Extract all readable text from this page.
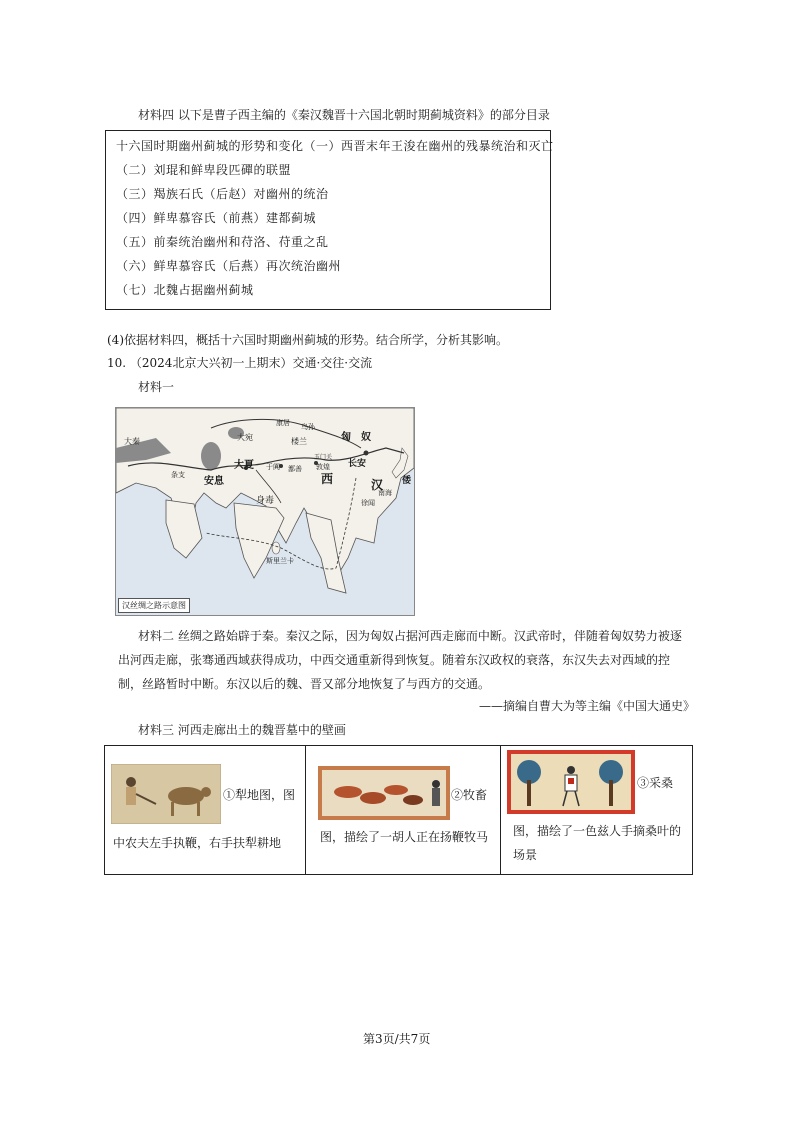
材料四 以下是曹子西主编的《秦汉魏晋十六国北朝时期蓟城资料》的部分目录
十六国时期幽州蓟城的形势和变化（一）西晋末年王浚在幽州的残暴统治和灭亡
（二）刘琨和鲜卑段匹磾的联盟
（三）羯族石氏（后赵）对幽州的统治
（四）鲜卑慕容氏（前燕）建都蓟城
（五）前秦统治幽州和苻洛、苻重之乱
（六）鲜卑慕容氏（后燕）再次统治幽州
（七）北魏占据幽州蓟城
(4)依据材料四，概括十六国时期幽州蓟城的形势。结合所学，分析其影响。
10. （2024北京大兴初一上期末）交通·交往·交流
材料一
汉丝绸之路示意图
匈　奴
楼兰
大宛
大夏
安息
玉门关
敦煌
于阗 鄯善
西	汉
长安
身毒
倭
大秦
南海
徐闻
斯里兰卡
条支
康居 乌孙
材料二 丝绸之路始辟于秦。秦汉之际，因为匈奴占据河西走廊而中断。汉武帝时，伴随着匈奴势力被逐出河西走廊，张骞通西域获得成功，中西交通重新得到恢复。随着东汉政权的衰落，东汉失去对西域的控制，丝路暂时中断。东汉以后的魏、晋又部分地恢复了与西方的交通。
——摘编自曹大为等主编《中国大通史》
材料三 河西走廊出土的魏晋墓中的壁画
①犁地图，图
中农夫左手执鞭，右手扶犁耕地
②牧畜
图，描绘了一胡人正在扬鞭牧马
③采桑
图，描绘了一色兹人手摘桑叶的
场景
第3页/共7页
